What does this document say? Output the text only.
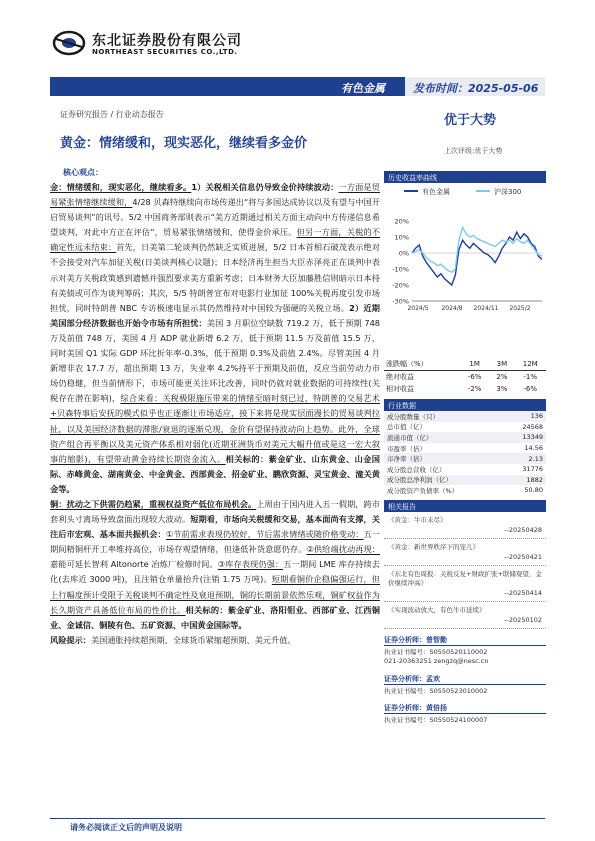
东北证券股份有限公司
NORTHEAST SECURITIES CO.,LTD.
有色金属	发布时间：2025-05-06
证券研究报告 / 行业动态报告
黄金：情绪缓和，现实恶化，继续看多金价
优于大势
上次评级:优于大势
核心观点：

金：情绪缓和，现实恶化，继续看多。1）关税相关信息仍导致金价持续波动：一方面是贸易紧张情绪继续缓和，4/28 贝森特继续向市场传递出“将与多国达成协议以及有望与中国开启贸易谈判”的讯号。5/2 中国商务部则表示“美方近期通过相关方面主动向中方传递信息希望谈判，对此中方正在评估”，贸易紧张情绪缓和，使得金价承压。但另一方面，关税的不确定性远未结束：首先，日美第二轮谈判仍然缺乏实质进展，5/2 日本首相石破茂表示绝对不会接受对汽车加征关税(日美谈判核心议题)；日本经济再生担当大臣赤泽亮正在谈判中表示对美方关税政策感到遗憾并强烈要求美方重新考虑；日本财务大臣加藤胜信则暗示日本持有美债或可作为谈判筹码；其次，5/5 特朗普宣布对电影行业加征 100%关税再度引发市场担忧，同时特朗普 NBC 专访极速电显示其仍然维持对中国较为强硬的关税立场。2）近期美国部分经济数据也开始令市场有所担忧：美国 3 月职位空缺数 719.2 万，低于预期 748 万及前值 748 万，美国 4 月 ADP 就业新增 6.2 万，低于预期 11.5 万及前值 15.5 万，同时美国 Q1 实际 GDP 环比折年率-0.3%，低于预期 0.3%及前值 2.4%。尽管美国 4 月新增非农 17.7 万，超出预期 13 万，失业率 4.2%持平于预期及前值，反应当前劳动力市场仍稳健，但当前情形下，市场可能更关注环比改善，同时仍就对就业数据的可持续性(关税存在潜在影响)，综合来看：关税极限施压带来的情绪至暗时刻已过，特朗普的交易艺术+贝森特事后安抚的模式似乎也正逐渐让市场适应，接下来将是现实层面漫长的贸易谈判拉扯，以及美国经济数据的滞胀/衰退的逐渐兑现，金价有望保持波动向上趋势。此外，全球资产组合再平衡以及美元资产体系相对弱化(近期亚洲货币对美元大幅升值或是这一宏大叙事的缩影)，有望带动黄金持续长期资金流入。相关标的：紫金矿业、山东黄金、山金国际、赤峰黄金、湖南黄金、中金黄金、西部黄金、招金矿业、鹏欣资源、灵宝黄金、潼关黄金等。

铜：扰动之下供需仍趋紧，重视权益资产低位布局机会。上周由于国内进入五一假期，跨市套利头寸离场导致盘面出现较大波动。短期看，市场向关税缓和交易，基本面尚有支撑，关注后市宏观、基本面共振机会：①节前需求表现仍较好，节后需求情绪或随价格变动：五一期间精铜杆开工率维持高位，市场存观望情绪，但逢低补货意愿仍存。②供给端扰动再现：嘉能可延长智利 Altonorte 冶炼厂检修时间。③库存表现仍强：五一期间 LME 库存持续去化(去库近 3000 吨)，且注销仓单量抬升(注销 1.75 万吨)。短期看铜价企稳偏强运行，但上行幅度预计受限于关税谈判不确定性及衰退预期，铜的长期前景依然乐观，铜矿权益作为长久期资产具备低位布局的性价比。相关标的：紫金矿业、洛阳钼业、西部矿业、江西铜业、金诚信、铜陵有色、五矿资源、中国黄金国际等。

风险提示：美国通胀持续超预期、全球货币紧缩超预期、美元升值。

历史收益率曲线
有色金属	沪深300
20%
10%
0%
-10%
-20%
-30%
2024/5 2024/8 2024/11 2025/2
涨跌幅（%）	1M	3M	12M
绝对收益	-6%	2%	-1%
相对收益	-2%	3%	-6%
行业数据
成分股数量（只）	136
总市值（亿）	24568
流通市值（亿）	13349
市盈率（倍）	14.56
市净率（倍）	2.13
成分股总营收（亿）	31776
成分股总净利润（亿）	1882
成分股资产负债率（%）	50.80
相关报告
《黄金：牛市未尽》
--20250428
《黄金：新世界秩序下的宠儿》
--20250421
《东北有色周报：关税反复+财政扩张+联储观望，金价继续冲高》
--20250414
《实现波动放大，有色牛市延续》
--20250102
证券分析师：曾智勤
执业证书编号：S0550520110002
021-20363251 zengzq@nesc.cn
证券分析师：孟欢
执业证书编号：S0550523010002
证券分析师：黄倍扬
执业证书编号：S0550524100007
请务必阅读正文后的声明及说明
